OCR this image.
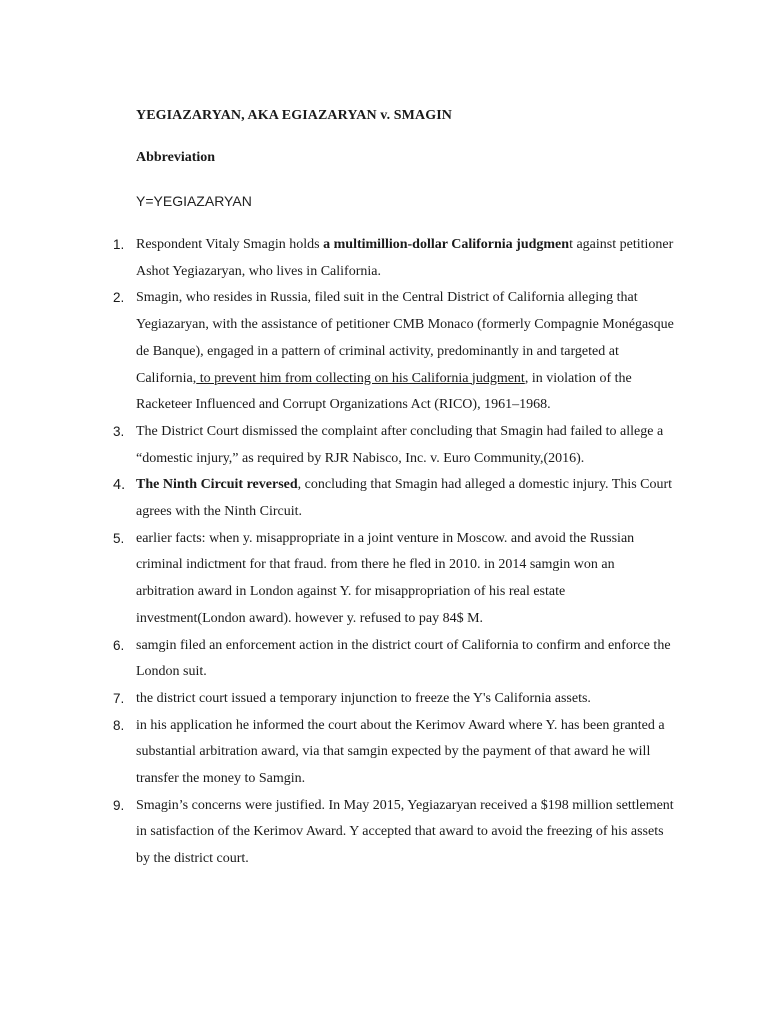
YEGIAZARYAN, AKA EGIAZARYAN v. SMAGIN
Abbreviation
Y=YEGIAZARYAN
1. Respondent Vitaly Smagin holds a multimillion-dollar California judgment against petitioner Ashot Yegiazaryan, who lives in California.
2. Smagin, who resides in Russia, filed suit in the Central District of California alleging that Yegiazaryan, with the assistance of petitioner CMB Monaco (formerly Compagnie Monégasque de Banque), engaged in a pattern of criminal activity, predominantly in and targeted at California, to prevent him from collecting on his California judgment, in violation of the Racketeer Influenced and Corrupt Organizations Act (RICO), 1961–1968.
3. The District Court dismissed the complaint after concluding that Smagin had failed to allege a “domestic injury,” as required by RJR Nabisco, Inc. v. Euro Community,(2016).
4. The Ninth Circuit reversed, concluding that Smagin had alleged a domestic injury. This Court agrees with the Ninth Circuit.
5. earlier facts: when y. misappropriate in a joint venture in Moscow. and avoid the Russian criminal indictment for that fraud. from there he fled in 2010. in 2014 samgin won an arbitration award in London against Y. for misappropriation of his real estate investment(London award). however y. refused to pay 84$ M.
6. samgin filed an enforcement action in the district court of California to confirm and enforce the London suit.
7. the district court issued a temporary injunction to freeze the Y's California assets.
8. in his application he informed the court about the Kerimov Award where Y. has been granted a substantial arbitration award, via that samgin expected by the payment of that award he will transfer the money to Samgin.
9. Smagin’s concerns were justified. In May 2015, Yegiazaryan received a $198 million settlement in satisfaction of the Kerimov Award. Y accepted that award to avoid the freezing of his assets by the district court.
